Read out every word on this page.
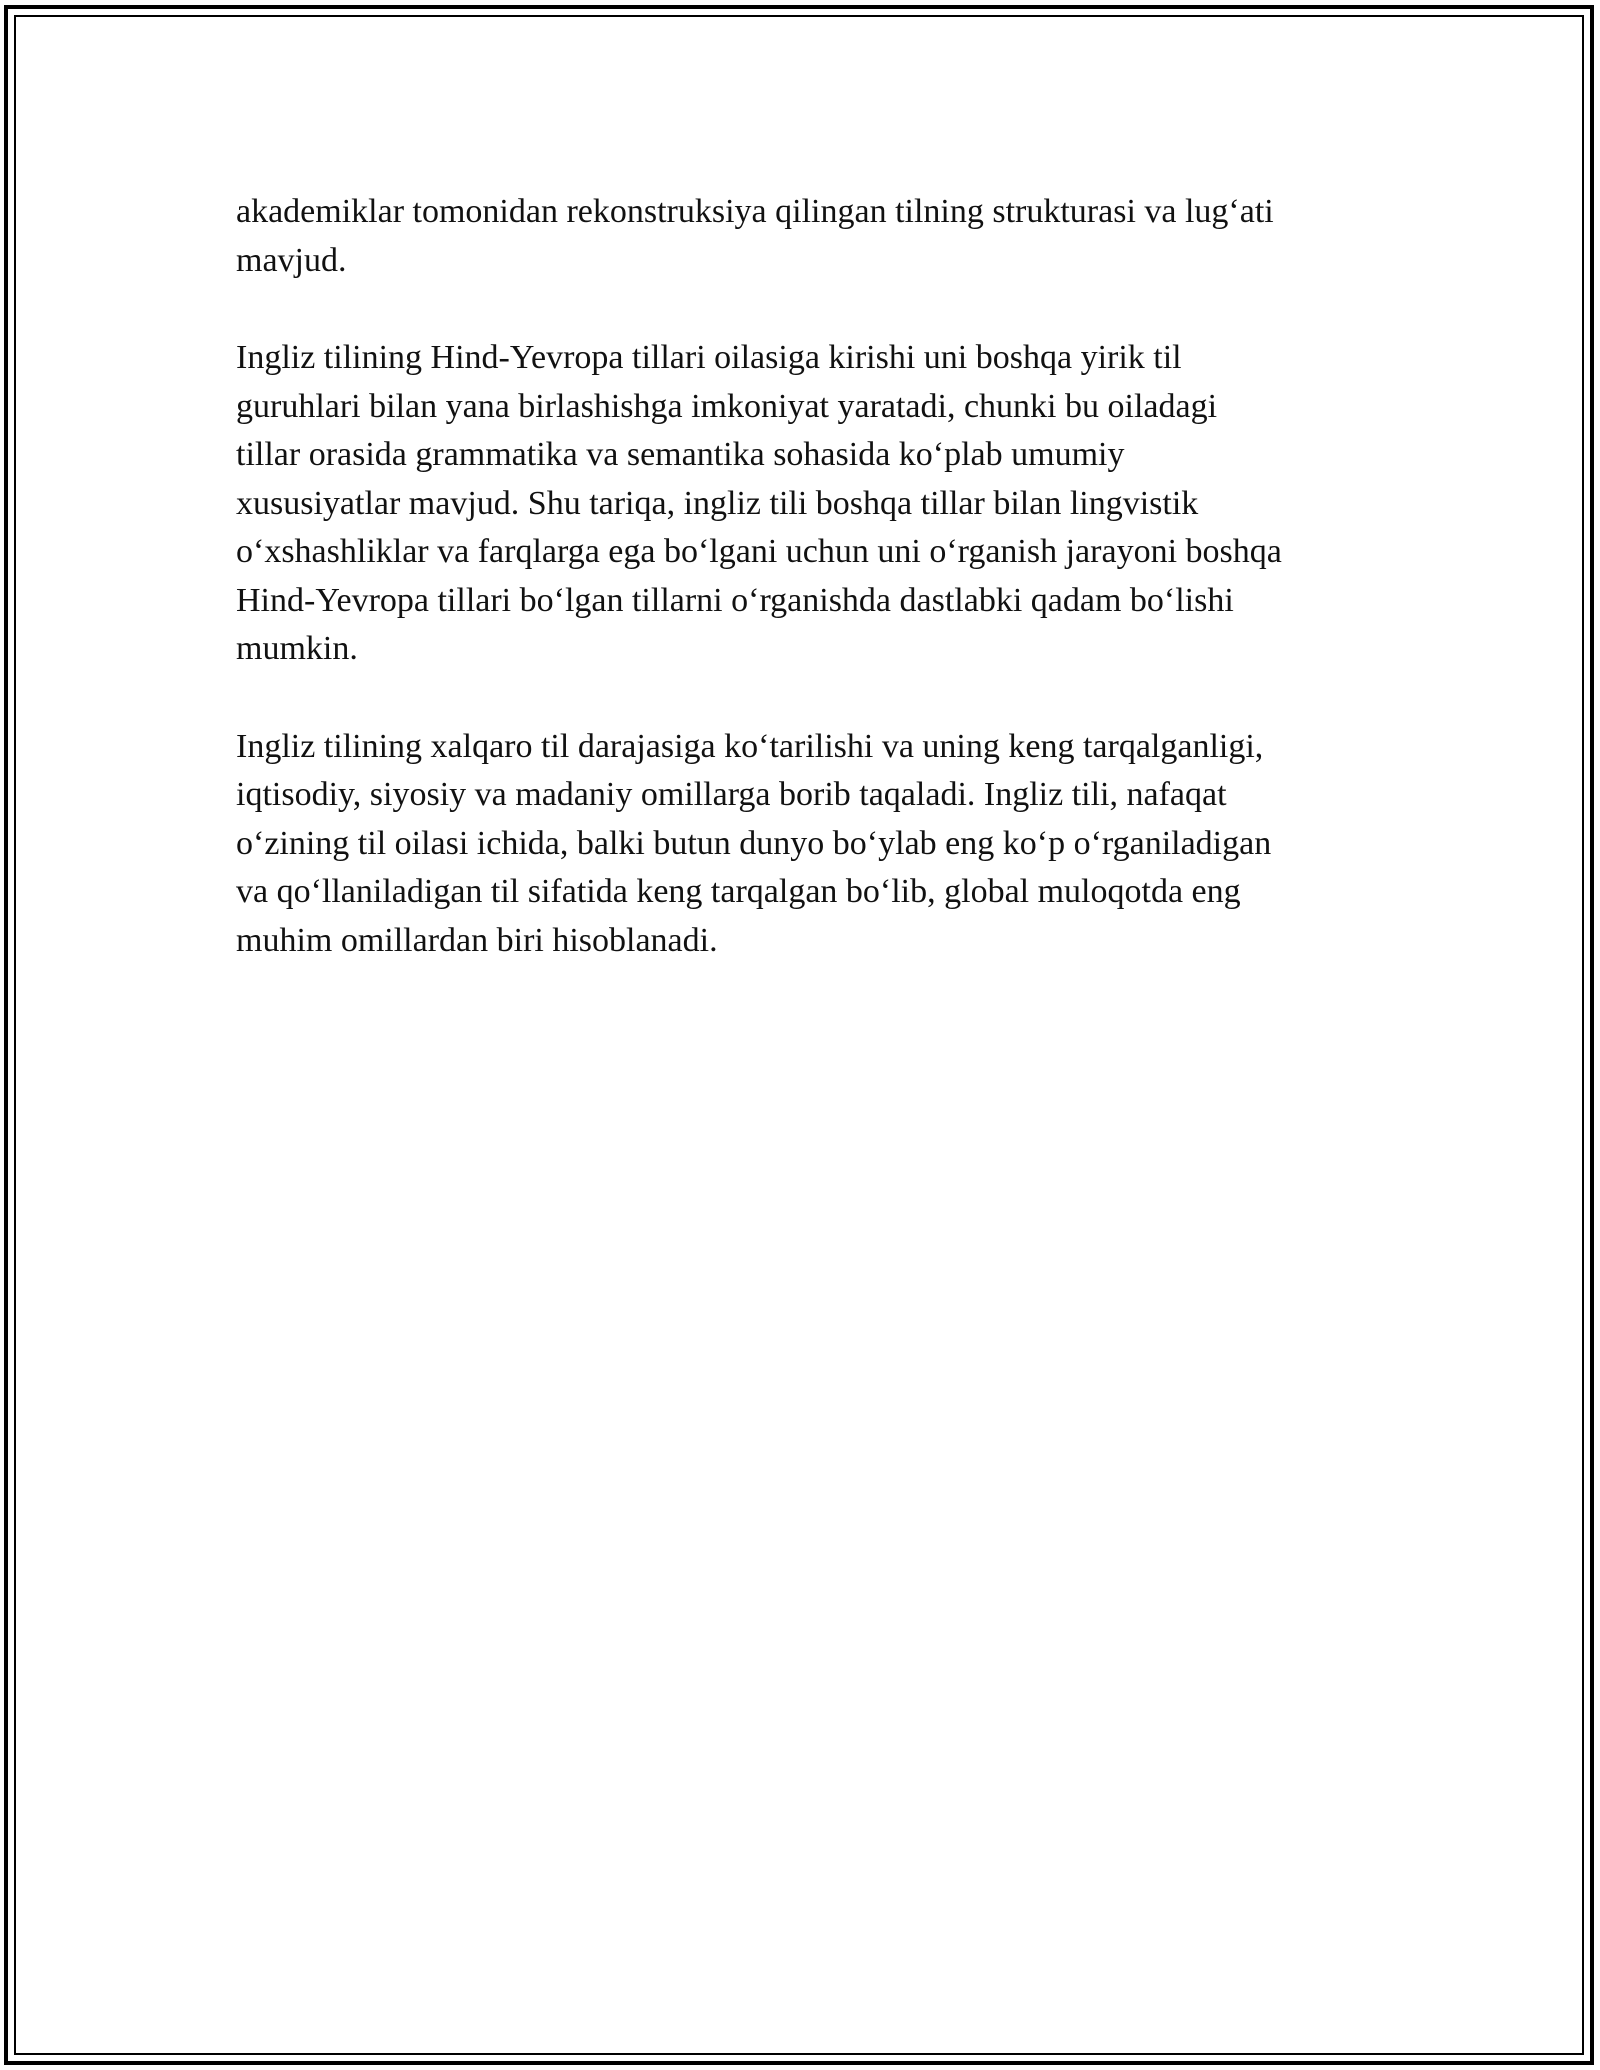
akademiklar tomonidan rekonstruksiya qilingan tilning strukturasi va lug‘ati
mavjud.

Ingliz tilining Hind-Yevropa tillari oilasiga kirishi uni boshqa yirik til
guruhlari bilan yana birlashishga imkoniyat yaratadi, chunki bu oiladagi
tillar orasida grammatika va semantika sohasida ko‘plab umumiy
xususiyatlar mavjud. Shu tariqa, ingliz tili boshqa tillar bilan lingvistik
o‘xshashliklar va farqlarga ega bo‘lgani uchun uni o‘rganish jarayoni boshqa
Hind-Yevropa tillari bo‘lgan tillarni o‘rganishda dastlabki qadam bo‘lishi
mumkin.

Ingliz tilining xalqaro til darajasiga ko‘tarilishi va uning keng tarqalganligi,
iqtisodiy, siyosiy va madaniy omillarga borib taqaladi. Ingliz tili, nafaqat
o‘zining til oilasi ichida, balki butun dunyo bo‘ylab eng ko‘p o‘rganiladigan
va qo‘llaniladigan til sifatida keng tarqalgan bo‘lib, global muloqotda eng
muhim omillardan biri hisoblanadi.
